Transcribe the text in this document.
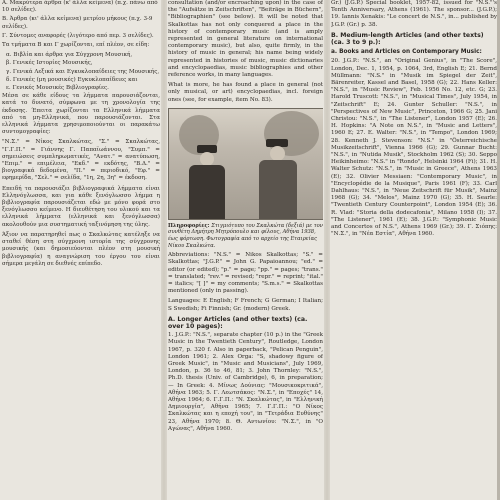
A. Μακρύτερα άρθρα (κ' άλλα κείμενα) (π.χ. πάνω από 10 σελίδες).
B. Άρθρα (κι' άλλα κείμενα) μετρίου μήκους (π.χ. 3-9 σελίδες).
Γ. Σύντομες αναφορές (λιγότερο από περ. 3 σελίδες).

Τα τμήματα Β και Γ χωρίζονται, επί πλέον, σε είδη:

α. Βιβλία και άρθρα για Σύγχρονη Μουσική,
β. Γενικές Ιστορίες Μουσικής,
γ. Γενικά Λεξικά και Εγκυκλοπαίδειες της Μουσικής,
δ. Γενικές (μη μουσικές) Εγκυκλοπαίδειες και
ε. Γενικές Μουσικές Βιβλιογραφίες.

Μέσα σε κάθε είδους τα λήμματα παρουσιάζονται, κατά το δυνατό, σύμφωνα με τη χρονολογία της έκδοσης. Έπειτα χωρίζονται τα Ελληνικά λήμματα από τα μη-Ελληνικά, που παρουσιάζονται. Στα ελληνικά λήμματα χρησιμοποιούνται οι παρακάτω συντομογραφίες:

"Ν.Σ." = Νίκος Σκαλκώτας, "Σ." = Σκαλκώτας, "Γ.Γ.Π." = Γιάννης Γ. Παπαϊωάννου, "Συμπ." = σημειώσεις συμπληρωματικές, "Ανατ." = ανατύπωση, "Επιμ." = επιμέλεια, "Εκδ." = εκδότης, "Β.Δ." = βιογραφικά δεδομένα, "Π." = περιοδικό, "Εφ." = εφημερίδα, "Σελ." = σελίδα, "1η, 2η, 3η" = έκδοση.

Επειδή τα παρουσιάζει βιβλιογραφικά λήμματα είναι Ελληνόγλωσσα, και για κάθε ξενόγλωσσο λήμμα η βιβλιογραφία παρουσιάζεται εδώ με μόνο φορά στο ξενόγλωσσο κείμενο. Η διευθέτηση του υλικού και τα ελληνικά λήμματα (ελληνικά και ξενόγλωσσα) ακολουθούν μια συστηματική ταξινόμηση της ύλης.

Άξιον να παρατηρηθεί πως ο Σκαλκώτας κατέληξε να σταθεί θέση στη σύγχρονη ιστορία της σύγχρονης μουσικής (και δημοσιεύονται πλέον στη μουσική βιβλιογραφία) η αναγνώριση του έργου του είναι σήμερα μεγάλη σε διεθνές επίπεδο.

consultation (and/or encroaching upon) in the case of the "Aufsätze in Zeitschriften", "Beiträge in Büchern", "Bibliographien" (see below). It will be noted that Skalkottas has not only conquered a place in the history of contemporary music (and is amply represented in general literature on international contemporary music), but also, quite firmly, in the history of music in general; his name being widely represented in histories of music, music dictionaries and encyclopaedias, music bibliographies and other reference works, in many languages.

What is more, he has found a place in general (not only musical, or art) encyclopaedias, incl. foreign ones (see, for example, item No. 83).

Πληροφορίες: Στιγμιότυπο του Σκαλκώτα (δεξιά) με τον συνθέτη Δημήτρη Μητρόπουλο και φίλους, Αθήνα 1938, έως φόρτωση. Φωτογραφία από το αρχείο της Εταιρείας Νίκου Σκαλκώτα.

Abbreviations: "N.S." = Nikos Skalkottas; "S." = Skalkottas; "J.G.P." = John G. Papaioannou; "ed." = editor (or edited); "p." = page; "pp." = pages; "trans." = translated; "rev." = revised; "repr." = reprint; "ital." = italics; "[ ]" = my comments; "S.m.s." = Skalkottas mentioned (only in passing).

Languages: E English; F French; G German; I Italian; S Swedish; Fi Finnish; Gr. (modern) Greek.

A. Longer Articles (and other texts) (ca. over 10 pages):

1. J.G.P.: "N.S.", separate chapter (10 p.) in the "Greek Music in the Twentieth Century", Routledge, London 1967, p. 320 f. Also in paperback, "Pelican Penguin", London 1961; 2. Alex Orga: "S, shadowy figure of Greek Music", in "Music and Musicians", July 1969, London, p. 36 to 46, 81; 3. John Thornley: "N.S.", Ph.D. thesis (Univ. of Cambridge), 6, in preparation; — In Greek: 4. Μίνως Δούνιας: "Μουσικοκριτικά", Αθήνα 1963; 5. Γ. Λεωτσάκος: "Ν.Σ.", in "Εποχές" 14, Αθήνα 1964; 6. Γ.Γ.Π.: "Ν. Σκαλκώτας", in "Ελληνική Δημιουργία", Αθήνα 1965; 7. Γ.Γ.Π.: "Ο Νίκος Σκαλκώτας και η εποχή του", in "Τετράδια Ευθύνης" 23, Αθήνα 1970; 8. Θ. Αντωνίου: "Ν.Σ.", in "Ο Αγώνας", Αθήνα 1960.

Gr.) (J.G.P.) Special booklet, 1957-82, issued for "N.S."'s Tenth Anniversary, Athens (1961). The sponsor... (J.G.P.); 19. Iannis Xenakis: "Le concert de N.S.", in... published by J.G.P. (Gr.) p. 38.

B. Medium-length Articles (and other texts) (ca. 3 to 9 p.):
a. Books and Articles on Contemporary Music:

20. J.G.P.: "N.S.", an "Original Genius", in "The Score", London, Dec. 1, 1954, p. 1064, 3rd, English E; 21. Bernd Müllmann: "N.S." in "Musik im Spiegel der Zeit", Bärenreiter, Kassel and Basel, 1958 (G); 22. Hans Keller: "N.S.", in "Music Review", Feb. 1956 No. 12, etc. G; 23. Harold Truscott: "N.S.", in "Musical Times", July 1954, in "Zeitschrift" E; 24. Gunter Schuller: "N.S.", in "Perspectives of New Music", Princeton, 1966 G; 25. Jani Christou: "N.S.", in "The Listener", London 1957 (E); 26. H. Hopkins: "A Note on N.S.", in "Music and Letters", 1960 E; 27. E. Walter: "N.S.", in "Tempo", London 1969; 28. Kenneth J. Stevenson: "N.S." in "Österreichische Musikzeitschrift", Vienna 1966 (G); 29. Gunnar Bucht: "N.S.", in "Nutida Musik", Stockholm 1962 (S); 30. Seppo Heikinheimo: "N.S." in "Rondo", Helsinki 1964 (Fi); 31. H. Walter Schutz: "N.S.", in "Music in Greece", Athens 1963 (E); 32. Olivier Messiaen: "Contemporary Music", in "Encyclopédie de la Musique", Paris 1961 (F); 33. Carl Dahlhaus: "N.S.", in "Neue Zeitschrift für Musik", Mainz 1968 (G); 34. "Melos", Mainz 1970 (G); 35. H. Searle: "Twentieth Century Counterpoint", London 1954 (E); 36. R. Vlad: "Storia della dodecafonia", Milano 1958 (I); 37. "The Listener", 1961 (E); 38. J.G.P.: "Symphonic Music and Concertos of N.S.", Athens 1969 (Gr.); 39. Γ. Σιόπης: "Ν.Σ.", in "Νέα Εστία", Αθήνα 1960.
